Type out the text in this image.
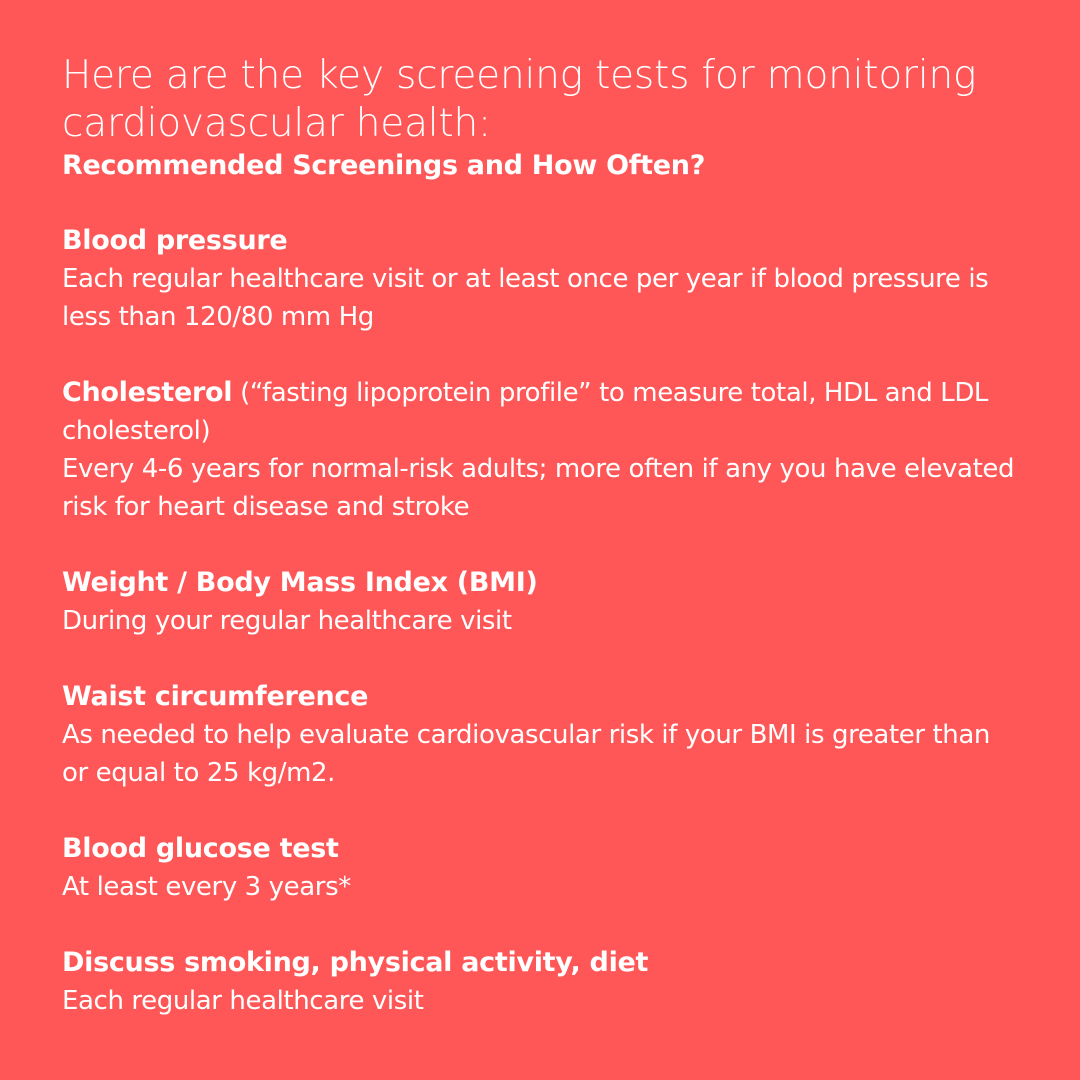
Here are the key screening tests for monitoring cardiovascular health:

Recommended Screenings and How Often?

Blood pressure
Each regular healthcare visit or at least once per year if blood pressure is less than 120/80 mm Hg
Cholesterol (“fasting lipoprotein profile” to measure total, HDL and LDL cholesterol)
Every 4-6 years for normal-risk adults; more often if any you have elevated risk for heart disease and stroke
Weight / Body Mass Index (BMI)
During your regular healthcare visit
Waist circumference
As needed to help evaluate cardiovascular risk if your BMI is greater than or equal to 25 kg/m2.
Blood glucose test
At least every 3 years*
Discuss smoking, physical activity, diet
Each regular healthcare visit
